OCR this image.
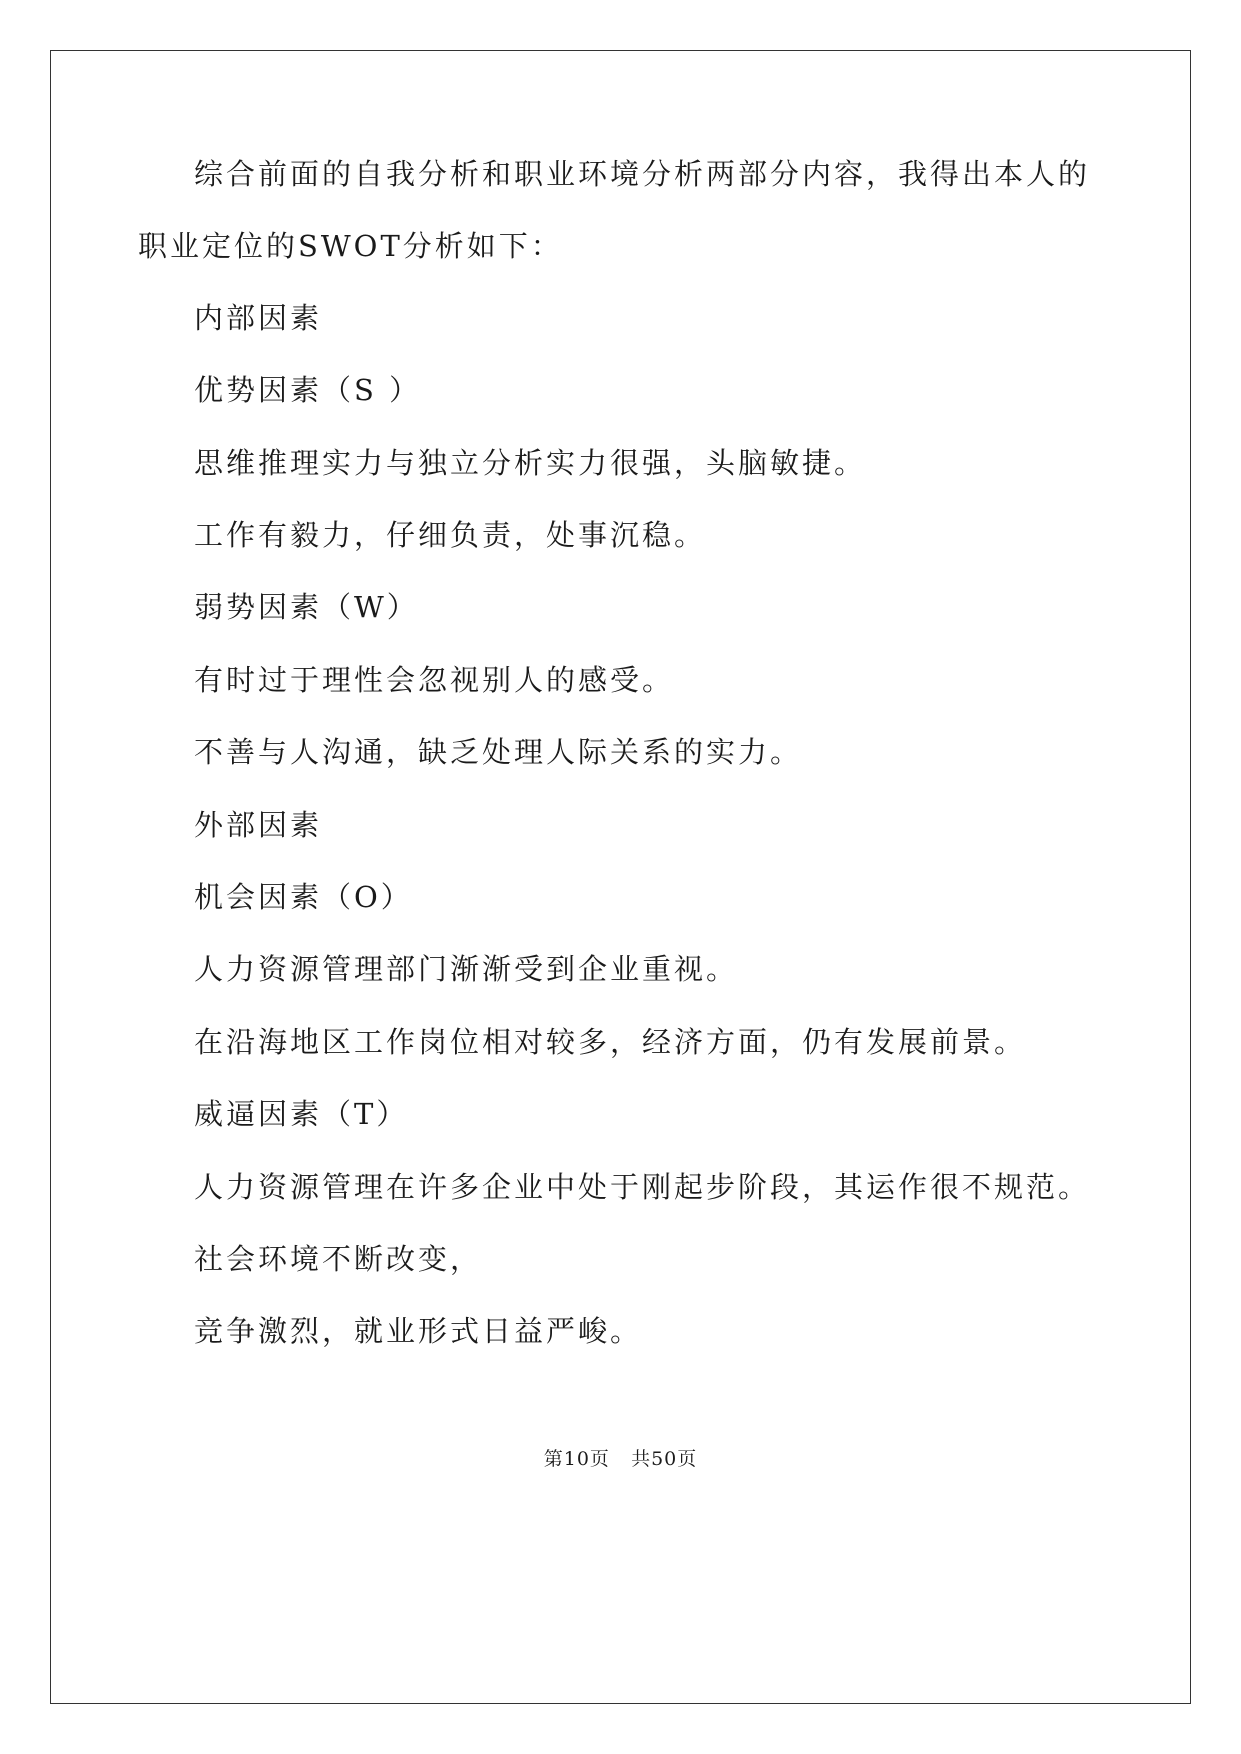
综合前面的自我分析和职业环境分析两部分内容，我得出本人的

职业定位的SWOT分析如下：

内部因素

优势因素（S ）

思维推理实力与独立分析实力很强，头脑敏捷。

工作有毅力，仔细负责，处事沉稳。

弱势因素（W）

有时过于理性会忽视别人的感受。

不善与人沟通，缺乏处理人际关系的实力。

外部因素

机会因素（O）

人力资源管理部门渐渐受到企业重视。

在沿海地区工作岗位相对较多，经济方面，仍有发展前景。

威逼因素（T）

人力资源管理在许多企业中处于刚起步阶段，其运作很不规范。

社会环境不断改变，

竞争激烈，就业形式日益严峻。

第10页 共50页
